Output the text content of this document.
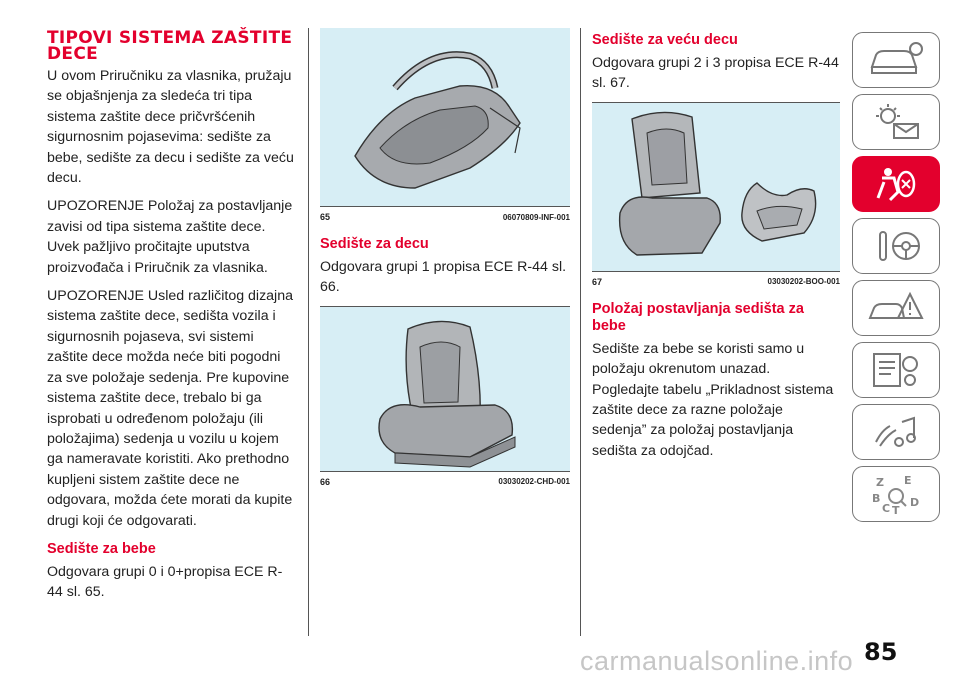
TIPOVI SISTEMA ZAŠTITE DECE

U ovom Priručniku za vlasnika, pružaju se objašnjenja za sledeća tri tipa sistema zaštite dece pričvršćenih sigurnosnim pojasevima: sedište za bebe, sedište za decu i sedište za veću decu.

UPOZORENJE Položaj za postavljanje zavisi od tipa sistema zaštite dece. Uvek pažljivo pročitajte uputstva proizvođača i Priručnik za vlasnika.

UPOZORENJE Usled različitog dizajna sistema zaštite dece, sedišta vozila i sigurnosnih pojaseva, svi sistemi zaštite dece možda neće biti pogodni za sve položaje sedenja. Pre kupovine sistema zaštite dece, trebalo bi ga isprobati u određenom položaju (ili položajima) sedenja u vozilu u kojem ga nameravate koristiti. Ako prethodno kupljeni sistem zaštite dece ne odgovara, možda ćete morati da kupite drugi koji će odgovarati.

Sedište za bebe

Odgovara grupi 0 i 0+propisa ECE R-44 sl. 65.

65	06070809-INF-001
Sedište za decu

Odgovara grupi 1 propisa ECE R-44 sl. 66.

66	03030202-CHD-001
Sedište za veću decu

Odgovara grupi 2 i 3 propisa ECE R-44 sl. 67.

67	03030202-BOO-001
Položaj postavljanja sedišta za bebe

Sedište za bebe se koristi samo u položaju okrenutom unazad. Pogledajte tabelu „Prikladnost sistema zaštite dece za razne položaje sedenja” za položaj postavljanja sedišta za odojčad.

Z E
B	D
C T
85
carmanualsonline.info
